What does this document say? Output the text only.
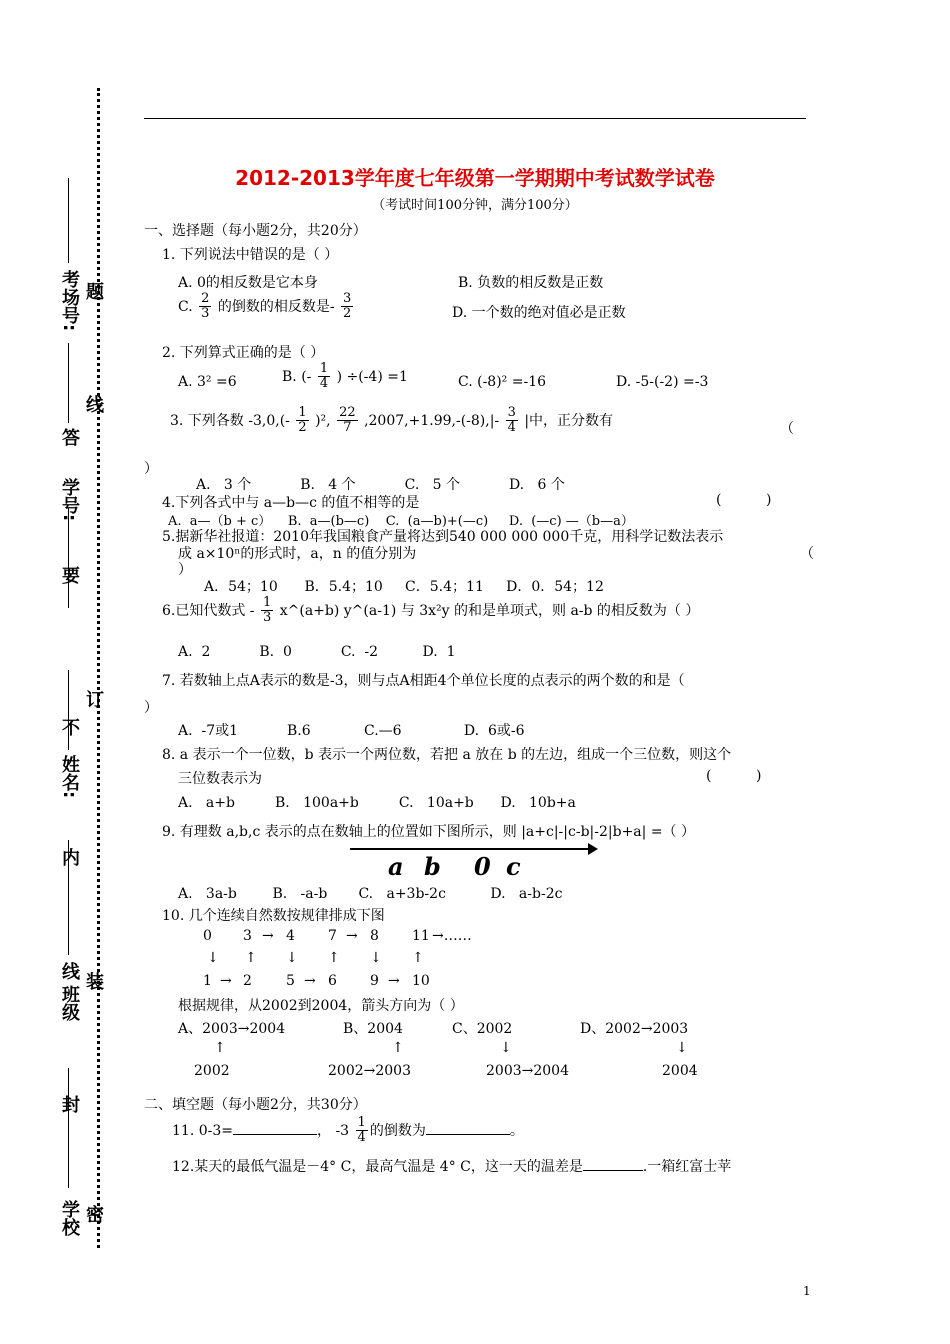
考场号: 题
线
答
学号:
要
订
不
姓名:
内
装
线
班级
封
学校 密
2012-2013学年度七年级第一学期期中考试数学试卷
（考试时间100分钟，满分100分）
一、选择题（每小题2分，共20分）
1. 下列说法中错误的是（ ）
A. 0的相反数是它本身	B. 负数的相反数是正数
C. $\frac{2}{3}$ 的倒数的相反数是- $\frac{3}{2}$	D. 一个数的绝对值必是正数
2. 下列算式正确的是（ ）
A. 3² =6	B. (- $\frac{1}{4}$ ) ÷(-4) =1	C. (-8)² =-16	D. -5-(-2) =-3
3. 下列各数 $-3,0,(- \frac{1}{2} )^2$, $\frac{22}{7} ,2007,+1.99,-(-8),|- \frac{3}{4}$ |中，正分数有
（
）
A.   3 个           B.   4 个           C.   5 个           D.   6 个
4.下列各式中与 a—b—c 的值不相等的是	(          )
A.  a—（b + c）    B.  a—(b—c)    C.  (a—b)+(—c)     D.  (—c) —（b—a）
5.据新华社报道：2010年我国粮食产量将达到540 000 000 000千克，用科学记数法表示
成 a×10ⁿ的形式时，a，n 的值分别为	（
）
A．54；10      B．5.4；10     C．5.4；11     D．0．54；12
6.已知代数式 - $\frac{1}{3}$ x^(a+b) y^(a-1) 与 3x²y 的和是单项式，则 a-b 的相反数为（ ）
A.  2           B.  0           C.  -2          D.  1
7. 若数轴上点A表示的数是-3，则与点A相距4个单位长度的点表示的两个数的和是（
）
A.  -7或1           B.6            C.—6              D.  6或-6
8. a 表示一个一位数，b 表示一个两位数，若把 a 放在 b 的左边，组成一个三位数，则这个
三位数表示为	(          )
A.   a+b         B.   100a+b         C.   10a+b      D.   10b+a
9. 有理数 a,b,c 表示的点在数轴上的位置如下图所示，则 |a+c|-|c-b|-2|b+a| =（ ）
a b 0 c
A.   3a-b        B.   -a-b       C.   a+3b-2c          D.   a-b-2c
10. 几个连续自然数按规律排成下图
0 3 → 4 7 → 8 11 →……
↓ ↑ ↓ ↑ ↓ ↑
1 → 2 5 → 6 9 → 10
根据规律，从2002到2004，箭头方向为（ ）
A、2003→2004	B、2004	C、2002	D、2002→2003
↑	↑	↓	↓
2002	2002→2003	2003→2004	2004
二、填空题（每小题2分，共30分）
11. 0-3=	， $-3 \frac{1}{4}$ 的倒数为	。
12.某天的最低气温是－4° C，最高气温是 4° C，这一天的温差是	.一箱红富士苹
1
